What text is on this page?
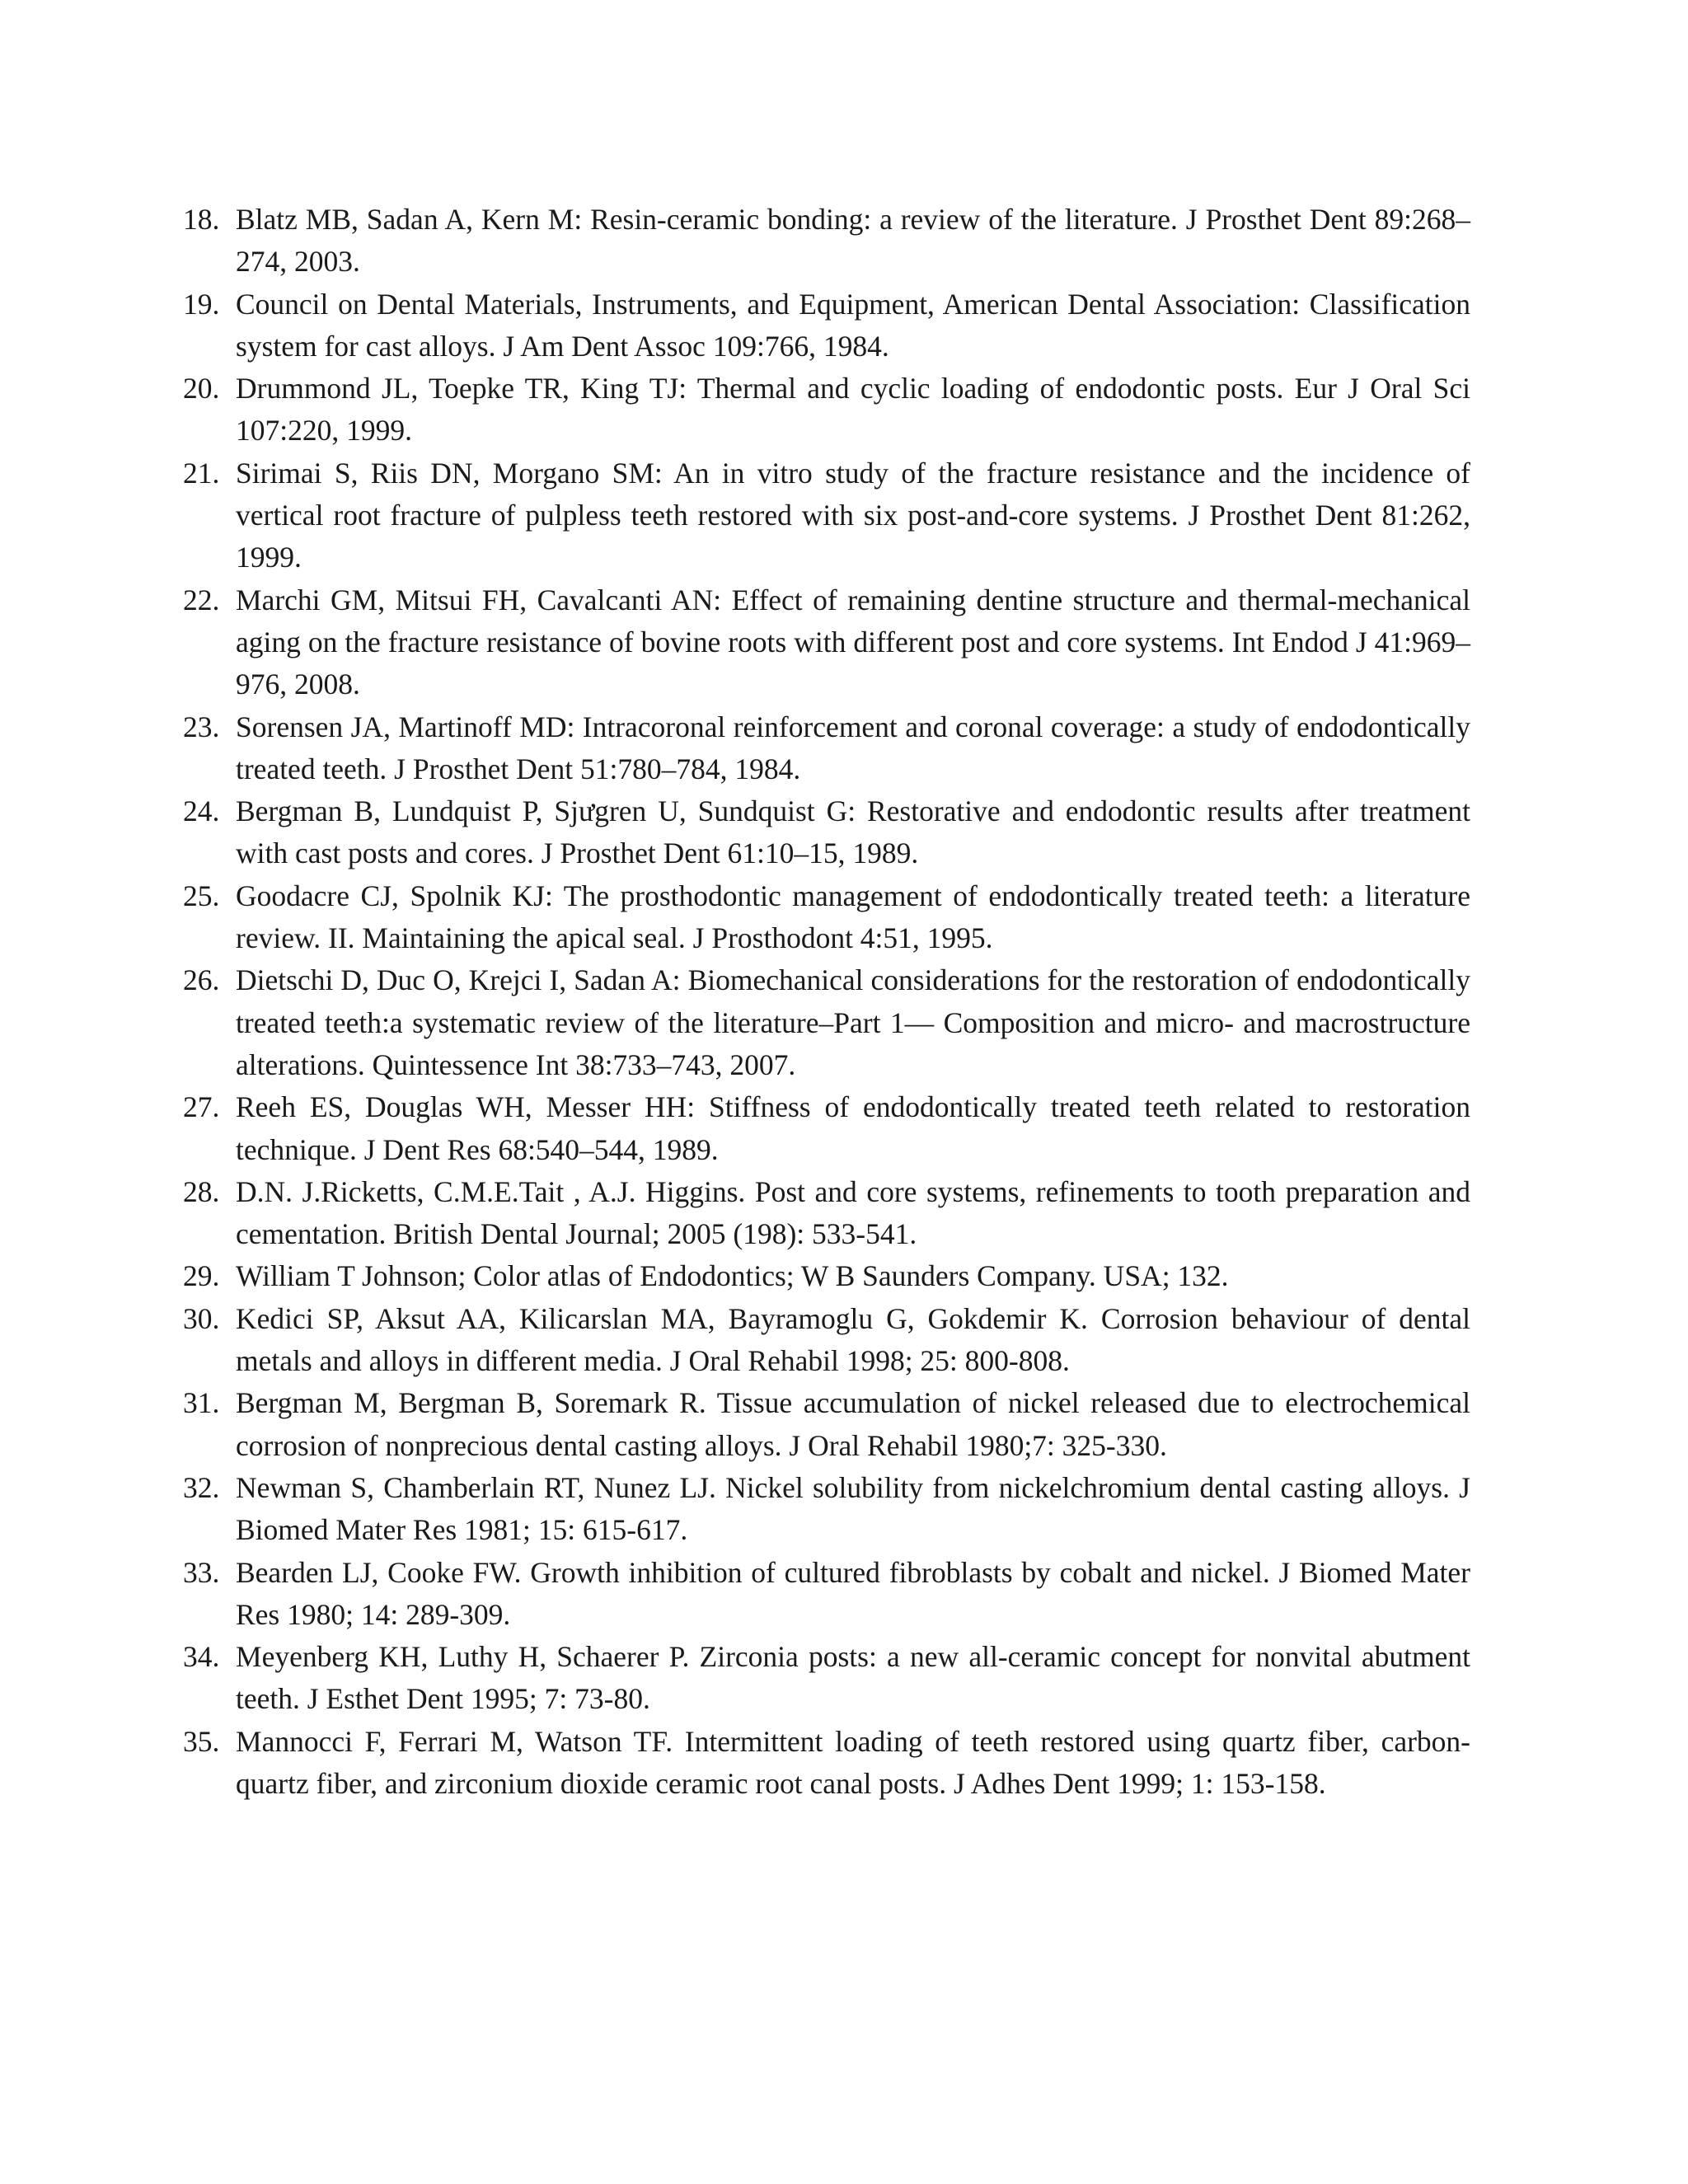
18. Blatz MB, Sadan A, Kern M: Resin-ceramic bonding: a review of the literature. J Prosthet Dent 89:268–274, 2003.
19. Council on Dental Materials, Instruments, and Equipment, American Dental Association: Classification system for cast alloys. J Am Dent Assoc 109:766, 1984.
20. Drummond JL, Toepke TR, King TJ: Thermal and cyclic loading of endodontic posts. Eur J Oral Sci 107:220, 1999.
21. Sirimai S, Riis DN, Morgano SM: An in vitro study of the fracture resistance and the incidence of vertical root fracture of pulpless teeth restored with six post-and-core systems. J Prosthet Dent 81:262, 1999.
22. Marchi GM, Mitsui FH, Cavalcanti AN: Effect of remaining dentine structure and thermal-mechanical aging on the fracture resistance of bovine roots with different post and core systems. Int Endod J 41:969–976, 2008.
23. Sorensen JA, Martinoff MD: Intracoronal reinforcement and coronal coverage: a study of endodontically treated teeth. J Prosthet Dent 51:780–784, 1984.
24. Bergman B, Lundquist P, Sjưgren U, Sundquist G: Restorative and endodontic results after treatment with cast posts and cores. J Prosthet Dent 61:10–15, 1989.
25. Goodacre CJ, Spolnik KJ: The prosthodontic management of endodontically treated teeth: a literature review. II. Maintaining the apical seal. J Prosthodont 4:51, 1995.
26. Dietschi D, Duc O, Krejci I, Sadan A: Biomechanical considerations for the restoration of endodontically treated teeth:a systematic review of the literature–Part 1— Composition and micro- and macrostructure alterations. Quintessence Int 38:733–743, 2007.
27. Reeh ES, Douglas WH, Messer HH: Stiffness of endodontically treated teeth related to restoration technique. J Dent Res 68:540–544, 1989.
28. D.N. J.Ricketts, C.M.E.Tait , A.J. Higgins. Post and core systems, refinements to tooth preparation and cementation. British Dental Journal; 2005 (198): 533-541.
29. William T Johnson; Color atlas of Endodontics; W B Saunders Company. USA; 132.
30. Kedici SP, Aksut AA, Kilicarslan MA, Bayramoglu G, Gokdemir K. Corrosion behaviour of dental metals and alloys in different media. J Oral Rehabil 1998; 25: 800-808.
31. Bergman M, Bergman B, Soremark R. Tissue accumulation of nickel released due to electrochemical corrosion of nonprecious dental casting alloys. J Oral Rehabil 1980;7: 325-330.
32. Newman S, Chamberlain RT, Nunez LJ. Nickel solubility from nickelchromium dental casting alloys. J Biomed Mater Res 1981; 15: 615-617.
33. Bearden LJ, Cooke FW. Growth inhibition of cultured fibroblasts by cobalt and nickel. J Biomed Mater Res 1980; 14: 289-309.
34. Meyenberg KH, Luthy H, Schaerer P. Zirconia posts: a new all-ceramic concept for nonvital abutment teeth. J Esthet Dent 1995; 7: 73-80.
35. Mannocci F, Ferrari M, Watson TF. Intermittent loading of teeth restored using quartz fiber, carbon-quartz fiber, and zirconium dioxide ceramic root canal posts. J Adhes Dent 1999; 1: 153-158.
